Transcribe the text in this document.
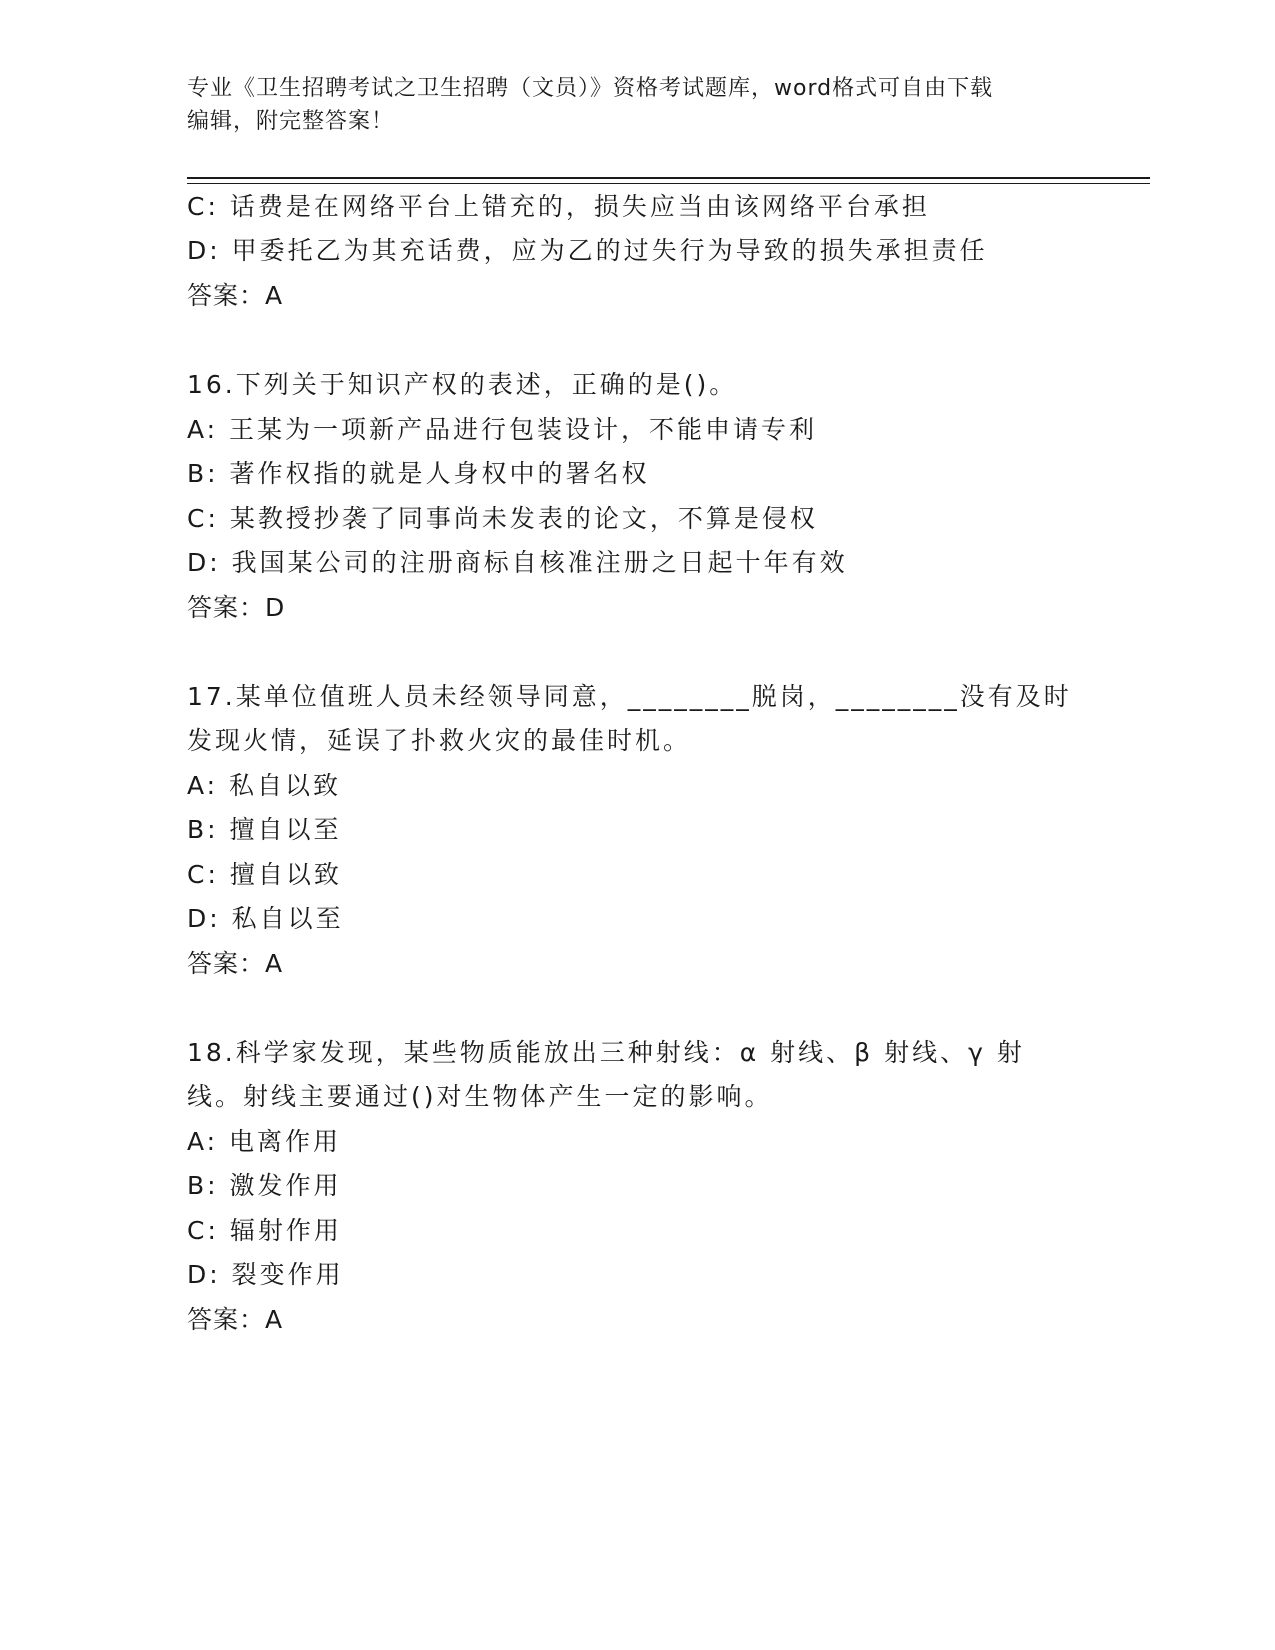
专业《卫生招聘考试之卫生招聘（文员）》资格考试题库，word格式可自由下载
编辑，附完整答案！
C: 话费是在网络平台上错充的，损失应当由该网络平台承担
D: 甲委托乙为其充话费，应为乙的过失行为导致的损失承担责任
答案：A
16.下列关于知识产权的表述，正确的是()。
A: 王某为一项新产品进行包装设计，不能申请专利
B: 著作权指的就是人身权中的署名权
C: 某教授抄袭了同事尚未发表的论文，不算是侵权
D: 我国某公司的注册商标自核准注册之日起十年有效
答案：D
17.某单位值班人员未经领导同意，________脱岗，________没有及时
发现火情，延误了扑救火灾的最佳时机。
A: 私自以致
B: 擅自以至
C: 擅自以致
D: 私自以至
答案：A
18.科学家发现，某些物质能放出三种射线：α 射线、β 射线、γ 射
线。射线主要通过()对生物体产生一定的影响。
A: 电离作用
B: 激发作用
C: 辐射作用
D: 裂变作用
答案：A
